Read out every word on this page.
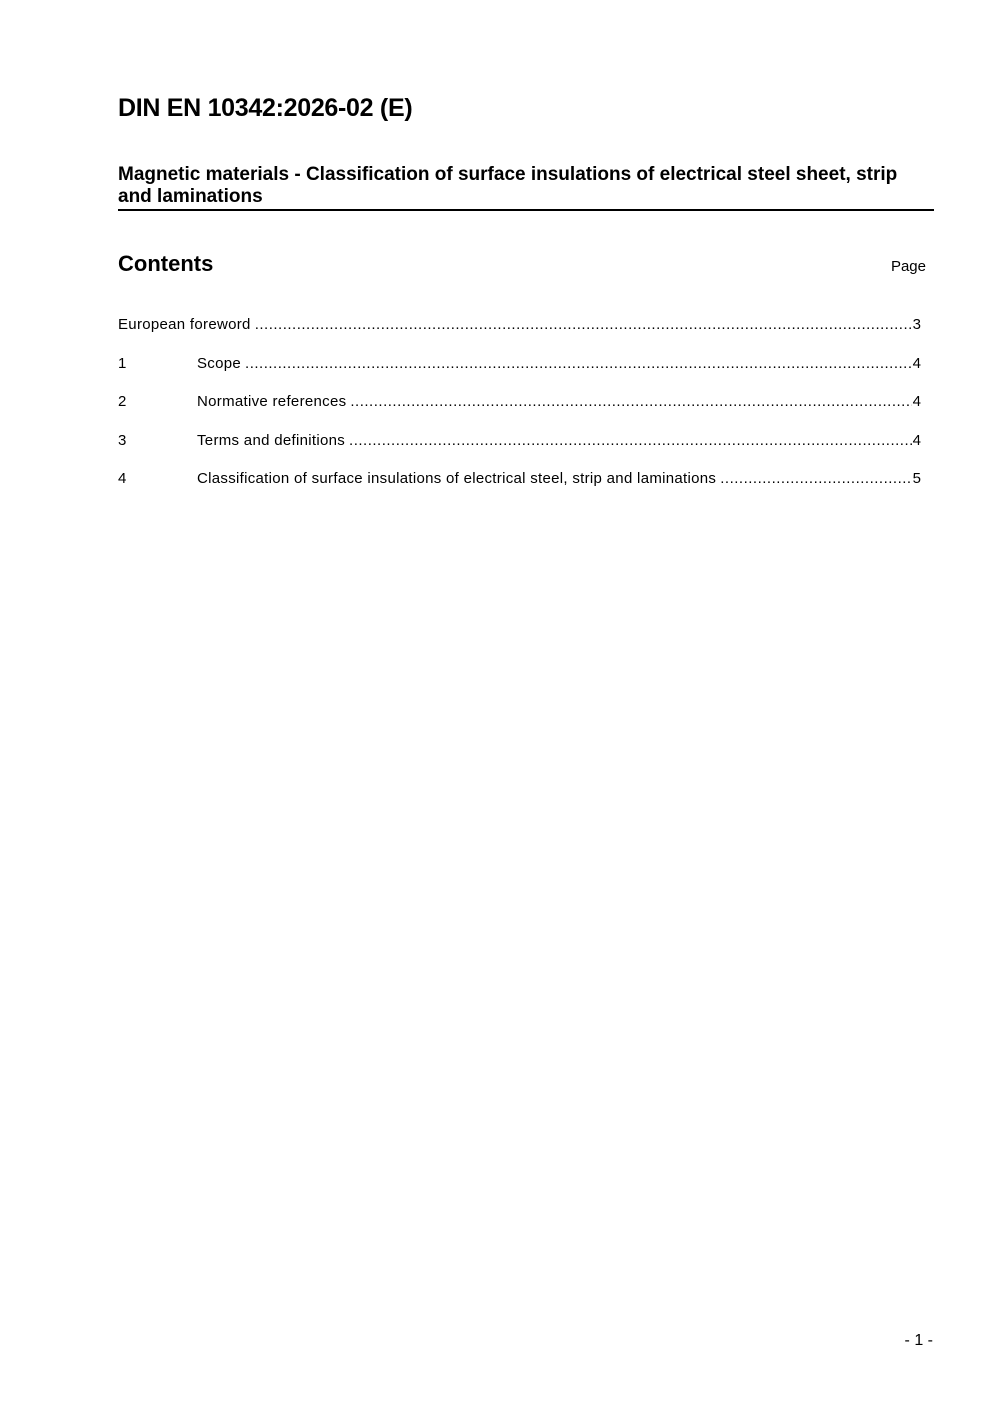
DIN EN 10342:2026-02 (E)
Magnetic materials - Classification of surface insulations of electrical steel sheet, strip and laminations
Contents	Page
European foreword .....	3
1	Scope .....	4
2	Normative references .....	4
3	Terms and definitions .....	4
4	Classification of surface insulations of electrical steel, strip and laminations .....	5
- 1 -
